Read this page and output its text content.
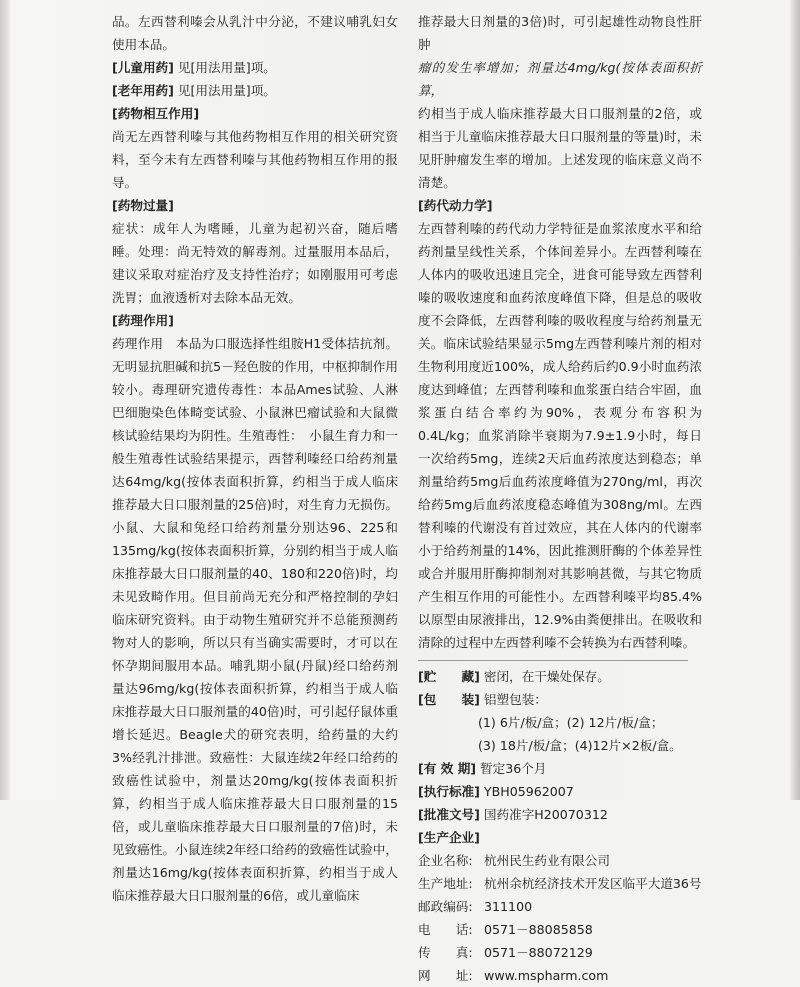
品。左西替利嗪会从乳汁中分泌，不建议哺乳妇女使用本品。

[儿童用药] 见[用法用量]项。

[老年用药] 见[用法用量]项。

[药物相互作用]

尚无左西替利嗪与其他药物相互作用的相关研究资料，至今未有左西替利嗪与其他药物相互作用的报导。

[药物过量]

症状：成年人为嗜睡，儿童为起初兴奋，随后嗜睡。处理：尚无特效的解毒剂。过量服用本品后，建议采取对症治疗及支持性治疗；如刚服用可考虑洗胃；血液透析对去除本品无效。

[药理作用]

药理作用　本品为口服选择性组胺H1受体拮抗剂。无明显抗胆碱和抗5－羟色胺的作用，中枢抑制作用较小。毒理研究遗传毒性：本品Ames试验、人淋巴细胞染色体畸变试验、小鼠淋巴瘤试验和大鼠微核试验结果均为阴性。生殖毒性：　小鼠生育力和一般生殖毒性试验结果提示，西替利嗪经口给药剂量达64mg/kg(按体表面积折算，约相当于成人临床推荐最大日口服剂量的25倍)时，对生育力无损伤。小鼠、大鼠和兔经口给药剂量分别达96、225和135mg/kg(按体表面积折算，分别约相当于成人临床推荐最大日口服剂量的40、180和220倍)时，均未见致畸作用。但目前尚无充分和严格控制的孕妇临床研究资料。由于动物生殖研究并不总能预测药物对人的影响，所以只有当确实需要时，才可以在怀孕期间服用本品。哺乳期小鼠(丹鼠)经口给药剂量达96mg/kg(按体表面积折算，约相当于成人临床推荐最大日口服剂量的40倍)时，可引起仔鼠体重增长延迟。Beagle犬的研究表明，给药量的大约3%经乳汁排泄。致癌性：大鼠连续2年经口给药的致癌性试验中，剂量达20mg/kg(按体表面积折算，约相当于成人临床推荐最大日口服剂量的15倍，或儿童临床推荐最大日口服剂量的7倍)时，未见致癌性。小鼠连续2年经口给药的致癌性试验中，剂量达16mg/kg(按体表面积折算，约相当于成人临床推荐最大日口服剂量的6倍，或儿童临床

推荐最大日剂量的3倍)时，可引起雄性动物良性肝肿

瘤的发生率增加；剂量达4mg/kg(按体表面积折算，

约相当于成人临床推荐最大日口服剂量的2倍，或相当于儿童临床推荐最大日口服剂量的等量)时，未见肝肿瘤发生率的增加。上述发现的临床意义尚不清楚。

[药代动力学]

左西替利嗪的药代动力学特征是血浆浓度水平和给药剂量呈线性关系，个体间差异小。左西替利嗪在人体内的吸收迅速且完全，进食可能导致左西替利嗪的吸收速度和血药浓度峰值下降，但是总的吸收度不会降低，左西替利嗪的吸收程度与给药剂量无关。临床试验结果显示5mg左西替利嗪片剂的相对生物利用度近100%，成人给药后约0.9小时血药浓度达到峰值；左西替利嗪和血浆蛋白结合牢固，血浆蛋白结合率约为90%，表观分布容积为0.4L/kg；血浆消除半衰期为7.9±1.9小时，每日一次给药5mg，连续2天后血药浓度达到稳态；单剂量给药5mg后血药浓度峰值为270ng/ml，再次给药5mg后血药浓度稳态峰值为308ng/ml。左西替利嗪的代谢没有首过效应，其在人体内的代谢率小于给药剂量的14%，因此推测肝酶的个体差异性或合并服用肝酶抑制剂对其影响甚微，与其它物质产生相互作用的可能性小。左西替利嗪平均85.4%以原型由尿液排出，12.9%由粪便排出。在吸收和清除的过程中左西替利嗪不会转换为右西替利嗪。

[贮　　藏] 密闭，在干燥处保存。

[包　　装] 铝塑包装：

(1) 6片/板/盒；(2) 12片/板/盒；

(3) 18片/板/盒；(4)12片×2板/盒。

[有 效 期] 暂定36个月

[执行标准] YBH05962007

[批准文号] 国药准字H20070312

[生产企业]

企业名称: 杭州民生药业有限公司

生产地址: 杭州余杭经济技术开发区临平大道36号

邮政编码: 311100

电　　话: 0571－88085858

传　　真: 0571－88072129

网　　址: www.mspharm.com
